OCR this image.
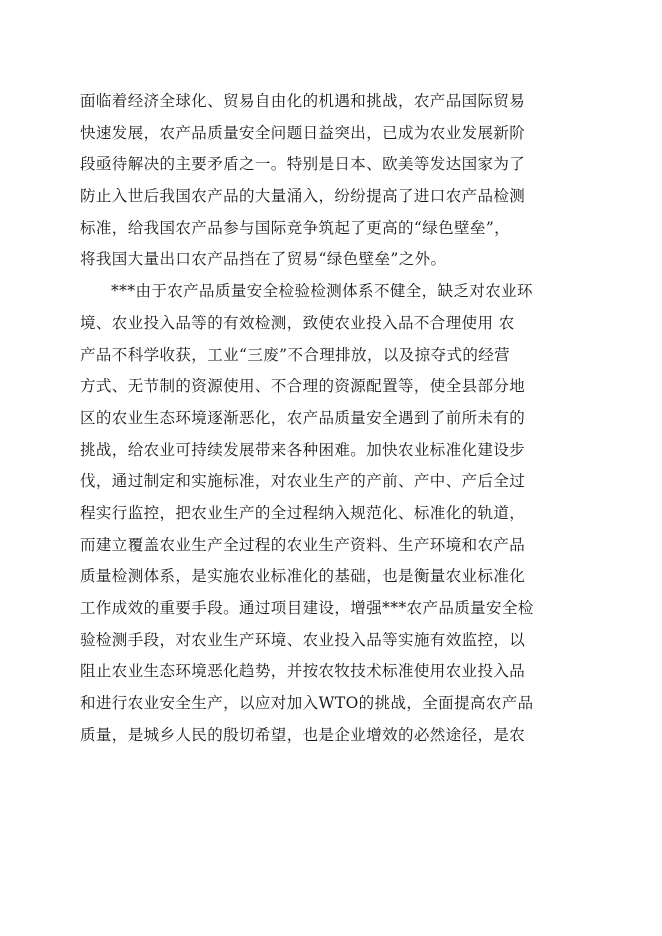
面临着经济全球化、贸易自由化的机遇和挑战，农产品国际贸易
快速发展，农产品质量安全问题日益突出，已成为农业发展新阶
段亟待解决的主要矛盾之一。特别是日本、欧美等发达国家为了
防止入世后我国农产品的大量涌入，纷纷提高了进口农产品检测
标准，给我国农产品参与国际竞争筑起了更高的“绿色壁垒”，
将我国大量出口农产品挡在了贸易“绿色壁垒”之外。
***由于农产品质量安全检验检测体系不健全，缺乏对农业环
境、农业投入品等的有效检测，致使农业投入品不合理使用 农
产品不科学收获，工业“三废”不合理排放，以及掠夺式的经营
方式、无节制的资源使用、不合理的资源配置等，使全县部分地
区的农业生态环境逐渐恶化，农产品质量安全遇到了前所未有的
挑战，给农业可持续发展带来各种困难。加快农业标准化建设步
伐，通过制定和实施标准，对农业生产的产前、产中、产后全过
程实行监控，把农业生产的全过程纳入规范化、标准化的轨道，
而建立覆盖农业生产全过程的农业生产资料、生产环境和农产品
质量检测体系，是实施农业标准化的基础，也是衡量农业标准化
工作成效的重要手段。通过项目建设，增强***农产品质量安全检
验检测手段，对农业生产环境、农业投入品等实施有效监控，以
阻止农业生态环境恶化趋势，并按农牧技术标准使用农业投入品
和进行农业安全生产，以应对加入WTO的挑战，全面提高农产品
质量，是城乡人民的殷切希望，也是企业增效的必然途径，是农
